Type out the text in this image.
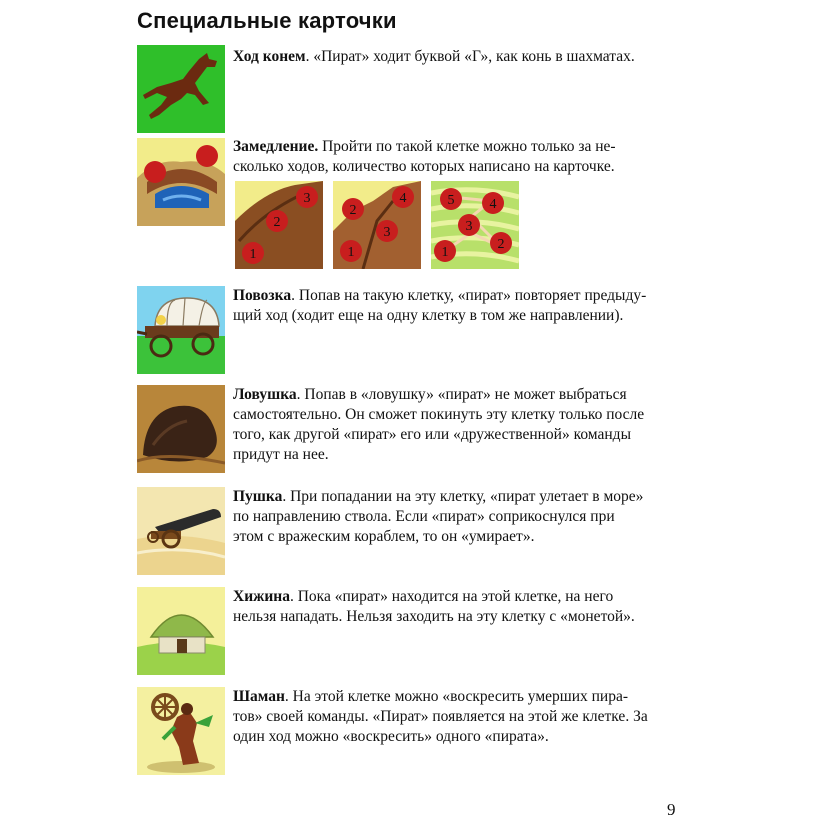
Специальные карточки
Ход конем. «Пират» ходит буквой «Г», как конь в шахматах.
Замедление. Пройти по такой клетке можно только за не-
сколько ходов, количество которых написано на карточке.
1
2
3
1
2
3
4
1
2
3
4
5
Повозка. Попав на такую клетку, «пират» повторяет предыду-
щий ход (ходит еще на одну клетку в том же направлении).
Ловушка. Попав в «ловушку» «пират» не может выбраться
самостоятельно. Он сможет покинуть эту клетку только после
того, как другой «пират» его или «дружественной» команды
придут на нее.
Пушка. При попадании на эту клетку, «пират улетает в море»
по направлению ствола. Если «пират» соприкоснулся при
этом с вражеским кораблем, то он «умирает».
Хижина. Пока «пират» находится на этой клетке, на него
нельзя нападать. Нельзя заходить на эту клетку с «монетой».
Шаман. На этой клетке можно «воскресить умерших пира-
тов» своей команды. «Пират» появляется на этой же клетке. За
один ход можно «воскресить» одного «пирата».
9
